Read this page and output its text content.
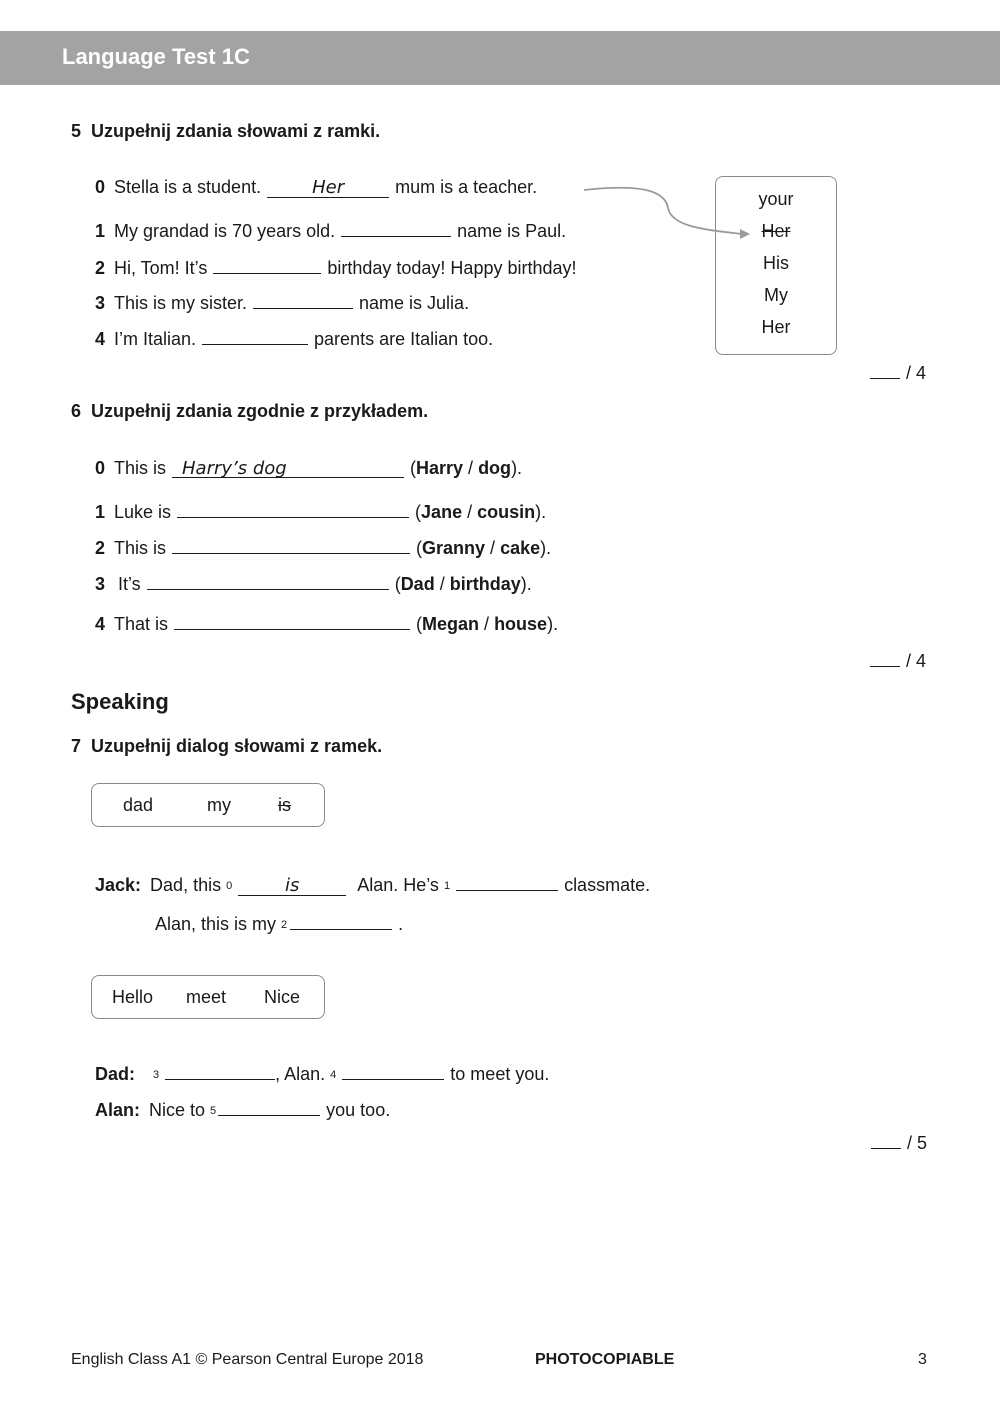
Language Test 1C
5 Uzupełnij zdania słowami z ramki.
0 Stella is a student.	Her	mum is a teacher.
1 My grandad is 70 years old.	name is Paul.
2 Hi, Tom! It’s	birthday today! Happy birthday!
3 This is my sister.	name is Julia.
4 I’m Italian.	parents are Italian too.
your
Her
His
My
Her
/ 4
6 Uzupełnij zdania zgodnie z przykładem.
0 This is Harry’s dog	(Harry / dog).
1 Luke is	(Jane / cousin).
2 This is	(Granny / cake).
3 It’s	(Dad / birthday).
4 That is	(Megan / house).
/ 4
Speaking
7 Uzupełnij dialog słowami z ramek.
dad	my	is
Jack: Dad, this $^0$	is	Alan. He’s $^1$	classmate.
Alan, this is my $^2$	.
Hello meet Nice
Dad: $^3$	, Alan. $^4$	to meet you.
Alan: Nice to $^5$	you too.
/ 5
English Class A1 © Pearson Central Europe 2018	PHOTOCOPIABLE	3
